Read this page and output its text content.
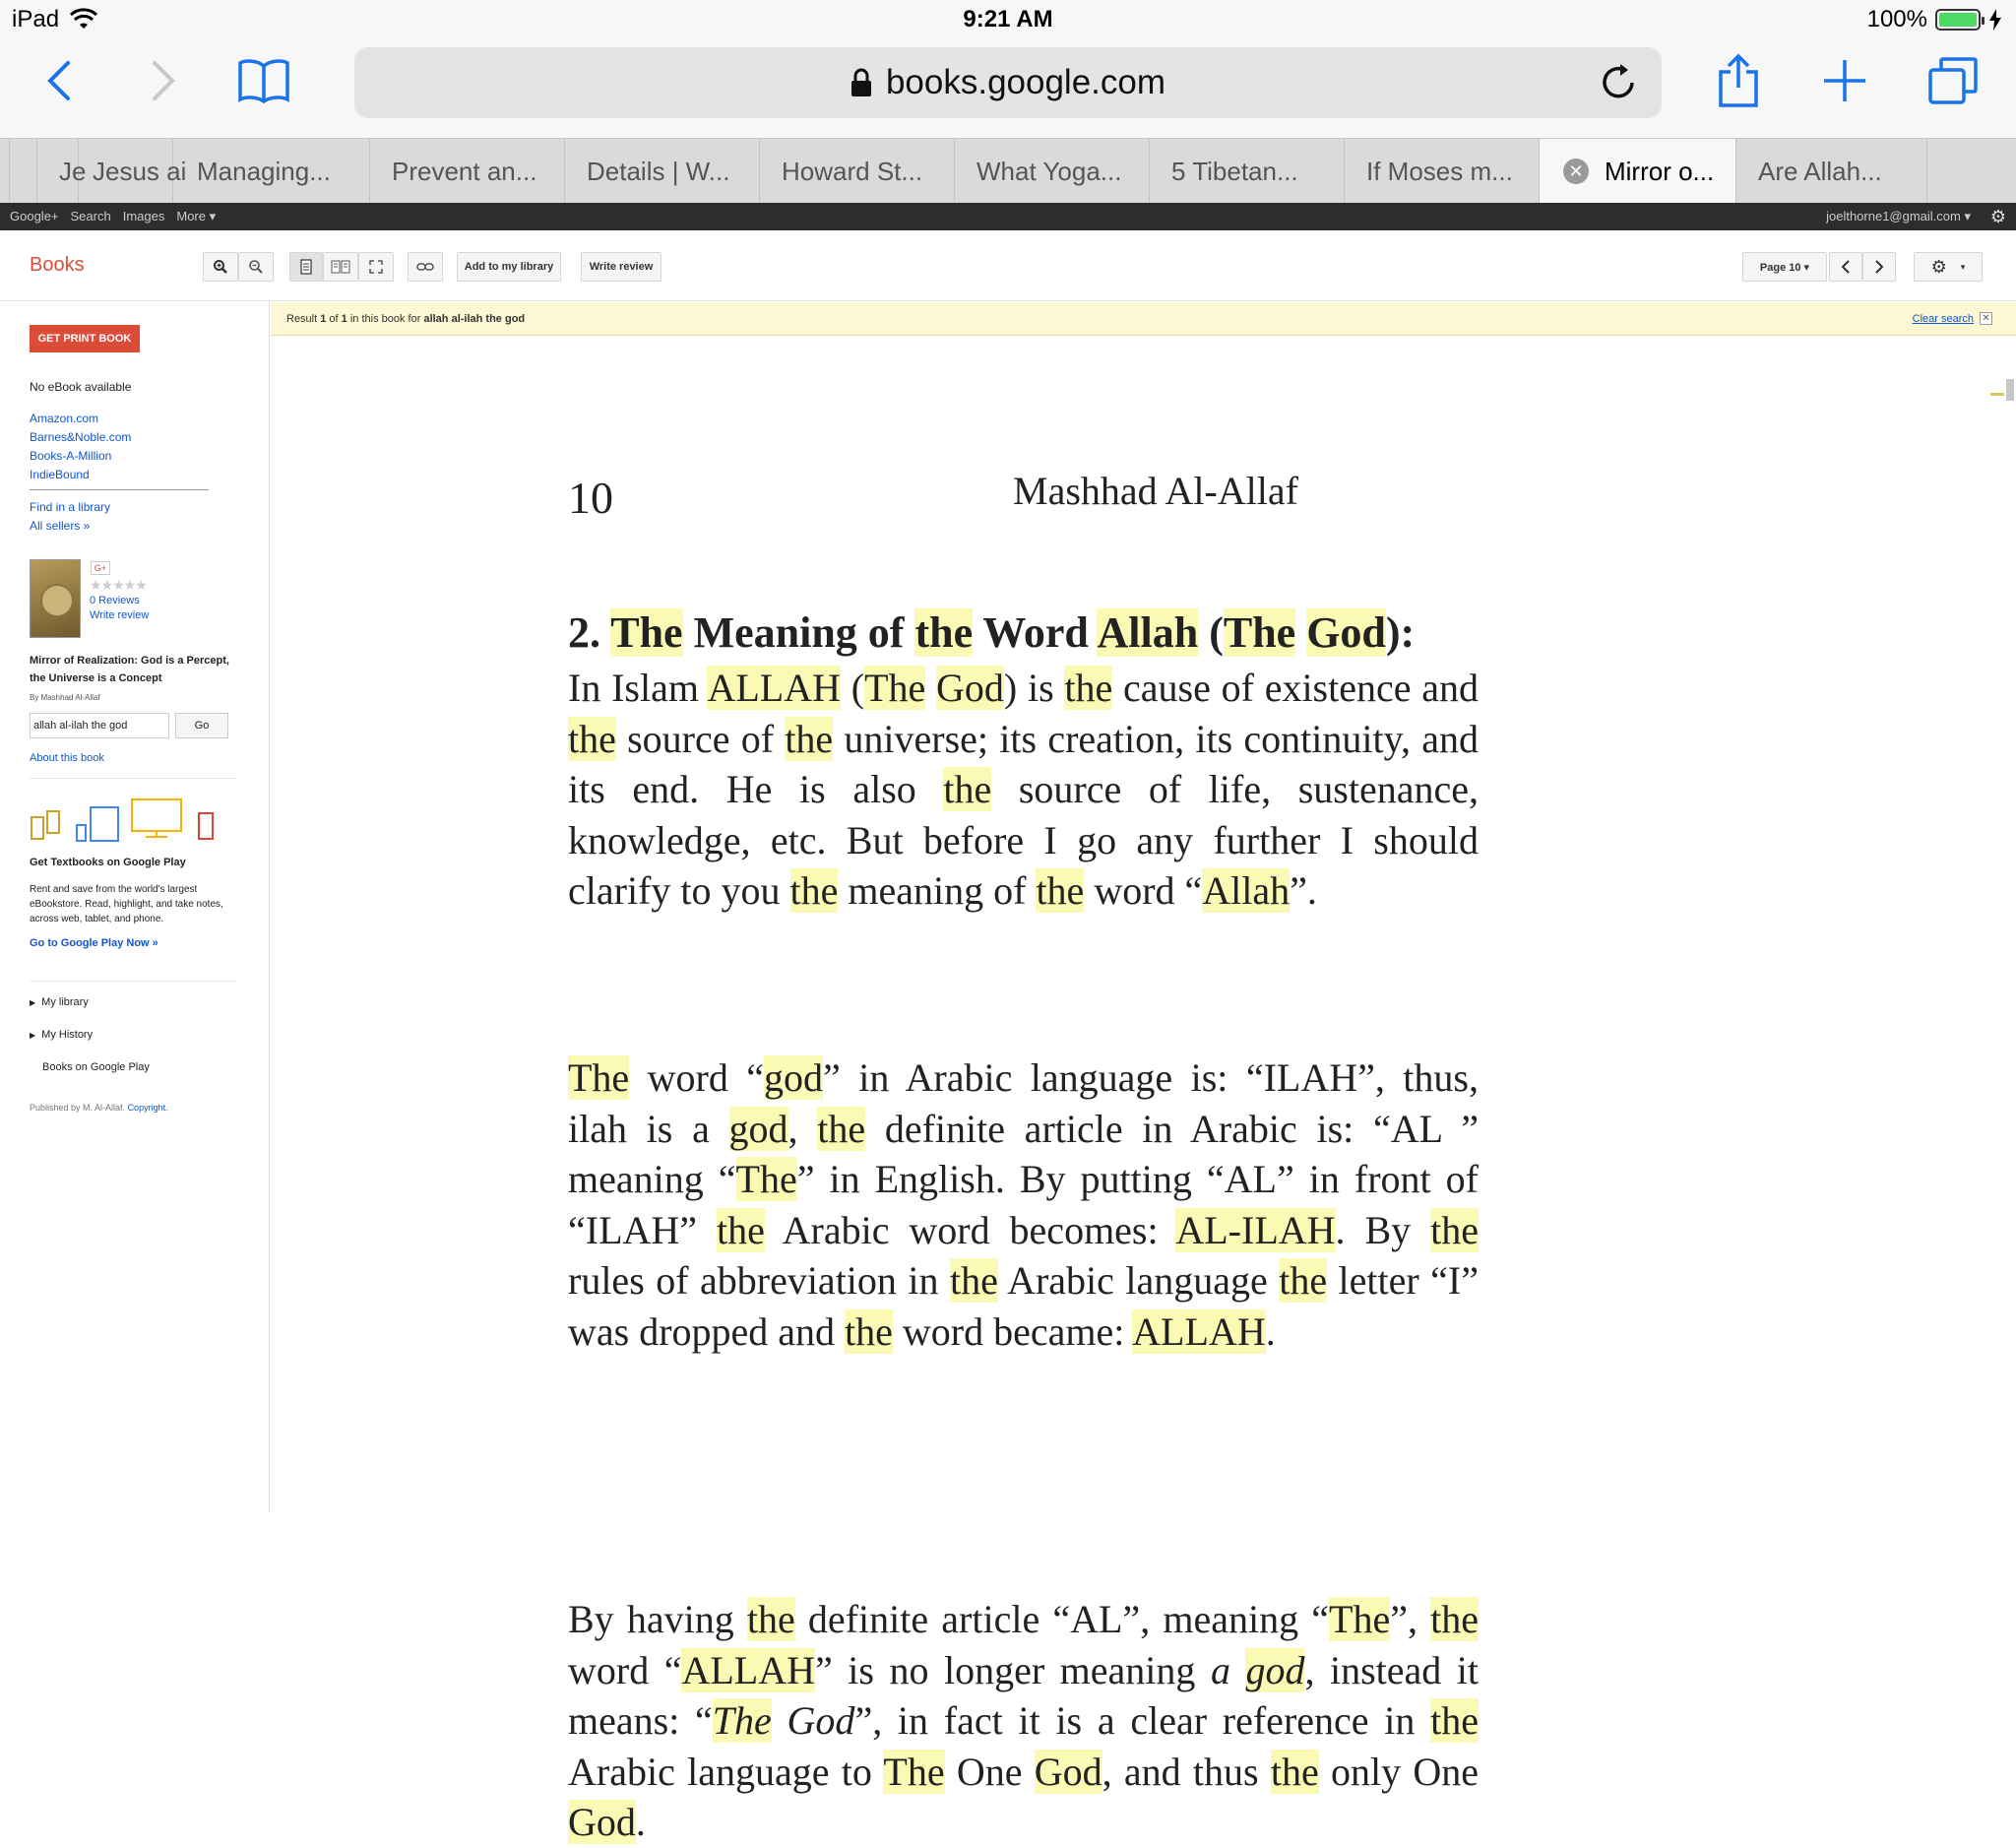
iPad	9:21 AM	100%
books.google.com
Je Jesus ai Managing...	Prevent an...	Details | W...	Howard St...	What Yoga...	5 Tibetan...	If Moses m...	✕ Mirror o...	Are Allah...
Google+ Search Images More ▾	joelthorne1@gmail.com ▾ ⚙
Books	Add to my library	Write review	Page 10 ▾	⚙ ▾
GET PRINT BOOK
No eBook available
Amazon.com
Barnes&Noble.com
Books-A-Million
IndieBound
Find in a library
All sellers »
G+
★★★★★
0 Reviews
Write review
Mirror of Realization: God is a Percept, the Universe is a Concept
By Mashhad Al-Allaf
allah al-ilah the god
Go
About this book
Get Textbooks on Google Play
Rent and save from the world's largest eBookstore. Read, highlight, and take notes, across web, tablet, and phone.
Go to Google Play Now »
▶ My library
▶ My History
Books on Google Play
Published by M. Al-Allaf. Copyright.
Result 1 of 1 in this book for allah al-ilah the god	Clear search ✕
10	Mashhad Al-Allaf
2. The Meaning of the Word Allah (The God):
In Islam ALLAH (The God) is the cause of existence and the source of the universe; its creation, its continuity, and its end. He is also the source of life, sustenance, knowledge, etc. But before I go any further I should clarify to you the meaning of the word “Allah”.
The word “god” in Arabic language is: “ILAH”, thus, ilah is a god, the definite article in Arabic is: “AL ” meaning “The” in English. By putting “AL” in front of “ILAH” the Arabic word becomes: AL-ILAH. By the rules of abbreviation in the Arabic language the letter “I” was dropped and the word became: ALLAH.
By having the definite article “AL”, meaning “The”, the word “ALLAH” is no longer meaning a god, instead it means: “The God”, in fact it is a clear reference in the Arabic language to The One God, and thus the only One God.
